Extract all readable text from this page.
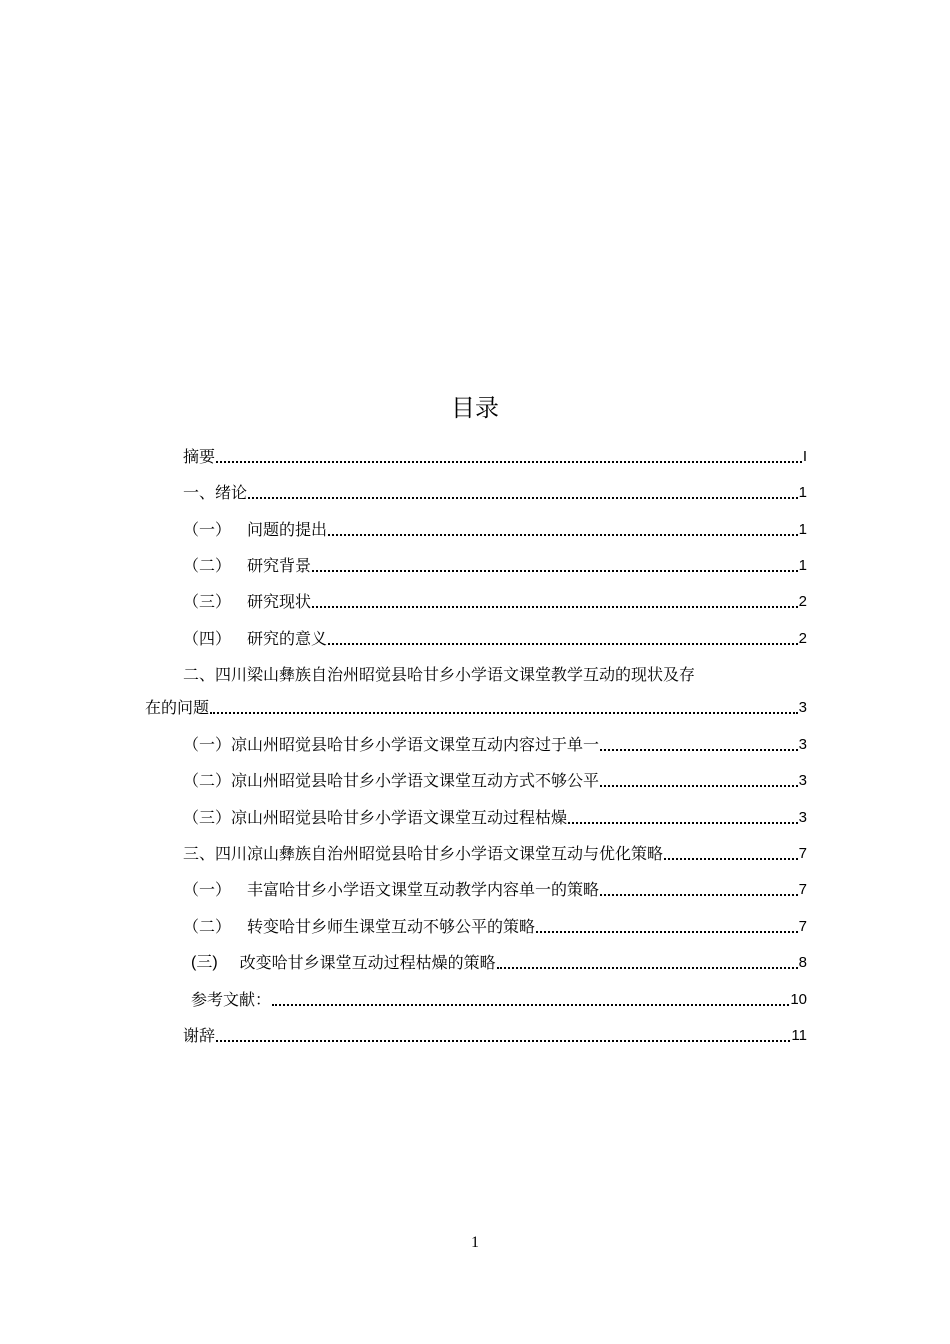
目录
摘要	I
一、绪论	1
（一） 问题的提出	1
（二） 研究背景	1
（三） 研究现状	2
（四） 研究的意义	2
二、四川梁山彝族自治州昭觉县哈甘乡小学语文课堂教学互动的现状及存
在的问题	3
（一）凉山州昭觉县哈甘乡小学语文课堂互动内容过于单一	3
（二）凉山州昭觉县哈甘乡小学语文课堂互动方式不够公平	3
（三）凉山州昭觉县哈甘乡小学语文课堂互动过程枯燥	3
三、四川凉山彝族自治州昭觉县哈甘乡小学语文课堂互动与优化策略	7
（一） 丰富哈甘乡小学语文课堂互动教学内容单一的策略	7
（二） 转变哈甘乡师生课堂互动不够公平的策略	7
(三) 改变哈甘乡课堂互动过程枯燥的策略	8
参考文献：	10
谢辞	11
1
